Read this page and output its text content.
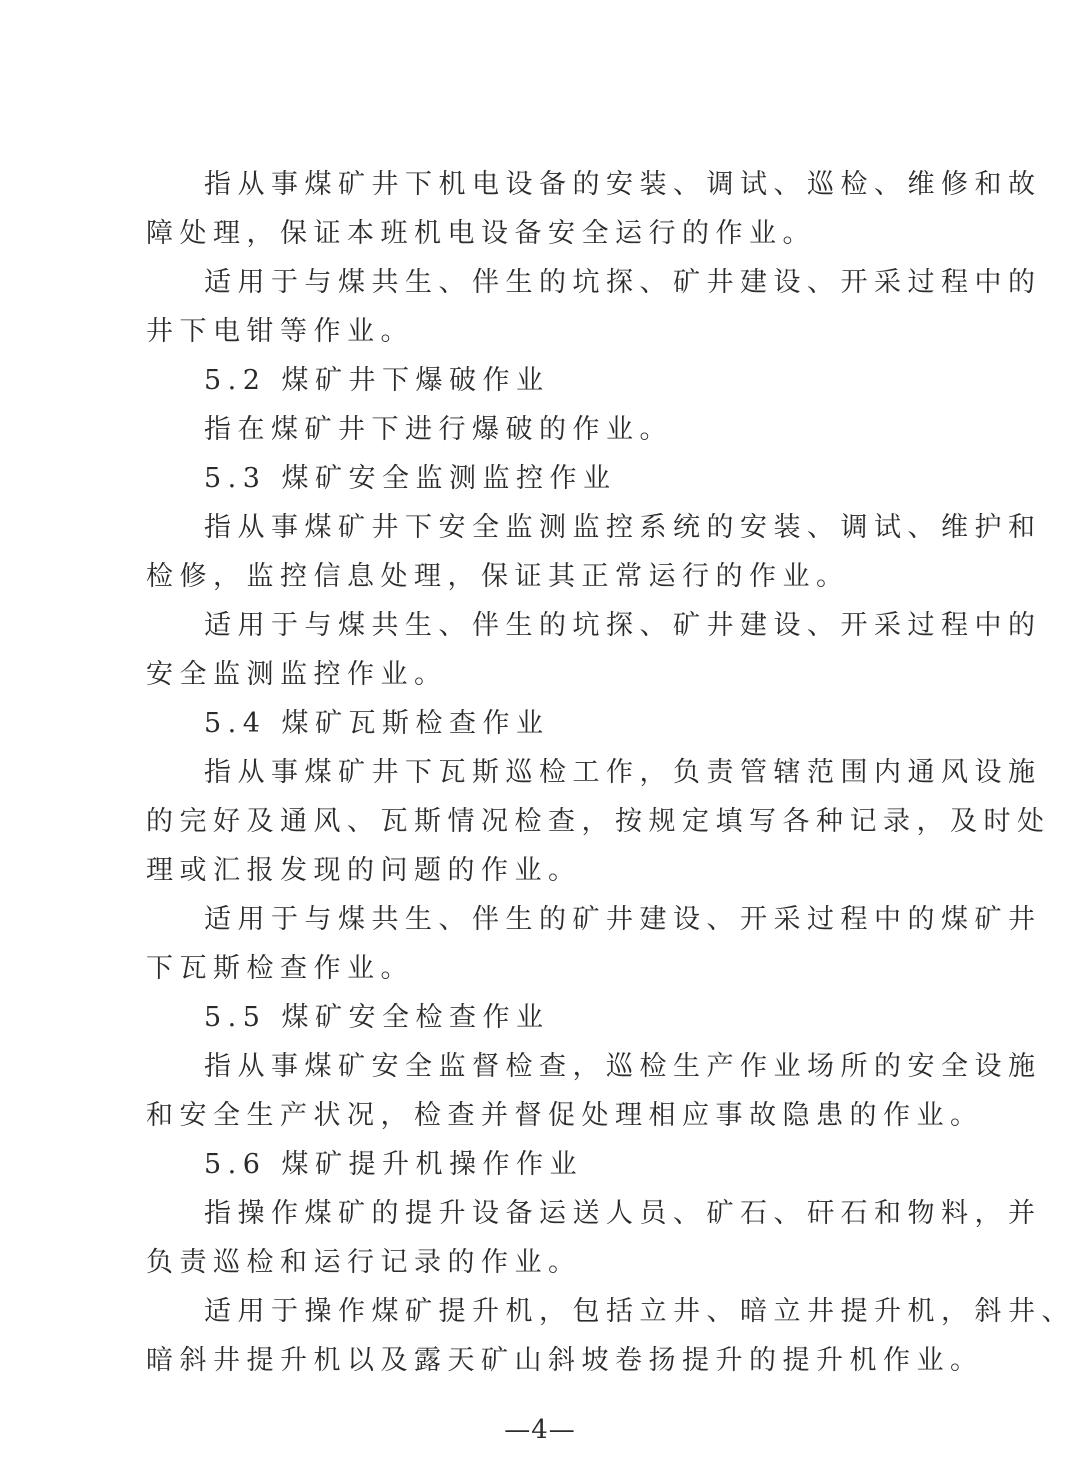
指从事煤矿井下机电设备的安装、调试、巡检、维修和故
障处理，保证本班机电设备安全运行的作业。
适用于与煤共生、伴生的坑探、矿井建设、开采过程中的
井下电钳等作业。
5.2 煤矿井下爆破作业
指在煤矿井下进行爆破的作业。
5.3 煤矿安全监测监控作业
指从事煤矿井下安全监测监控系统的安装、调试、维护和
检修，监控信息处理，保证其正常运行的作业。
适用于与煤共生、伴生的坑探、矿井建设、开采过程中的
安全监测监控作业。
5.4 煤矿瓦斯检查作业
指从事煤矿井下瓦斯巡检工作，负责管辖范围内通风设施
的完好及通风、瓦斯情况检查，按规定填写各种记录，及时处
理或汇报发现的问题的作业。
适用于与煤共生、伴生的矿井建设、开采过程中的煤矿井
下瓦斯检查作业。
5.5 煤矿安全检查作业
指从事煤矿安全监督检查，巡检生产作业场所的安全设施
和安全生产状况，检查并督促处理相应事故隐患的作业。
5.6 煤矿提升机操作作业
指操作煤矿的提升设备运送人员、矿石、矸石和物料，并
负责巡检和运行记录的作业。
适用于操作煤矿提升机，包括立井、暗立井提升机，斜井、
暗斜井提升机以及露天矿山斜坡卷扬提升的提升机作业。
—4—
